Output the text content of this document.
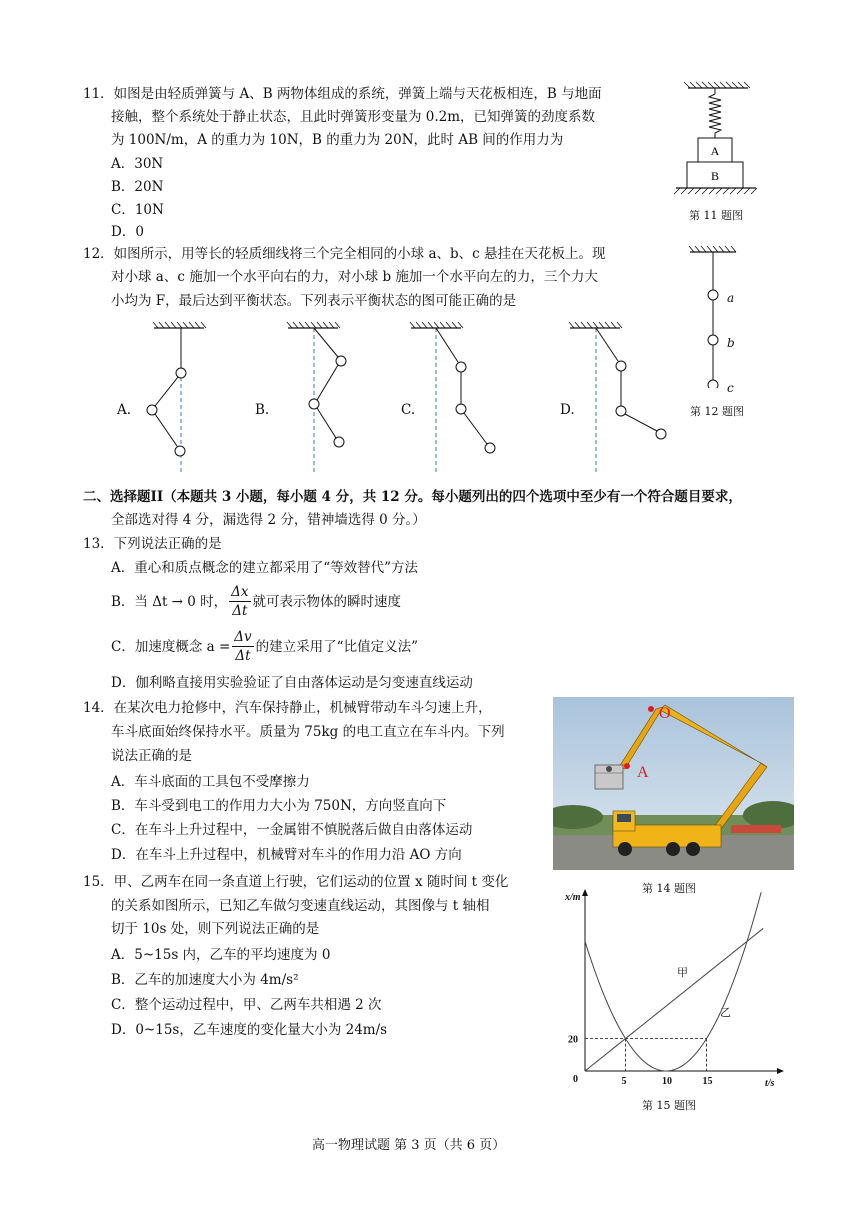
11．如图是由轻质弹簧与 A、B 两物体组成的系统，弹簧上端与天花板相连，B 与地面
接触，整个系统处于静止状态，且此时弹簧形变量为 0.2m，已知弹簧的劲度系数
为 100N/m，A 的重力为 10N，B 的重力为 20N，此时 AB 间的作用力为
A．30N
B．20N
C．10N
D．0
A
B
第 11 题图
12．如图所示，用等长的轻质细线将三个完全相同的小球 a、b、c 悬挂在天花板上。现
对小球 a、c 施加一个水平向右的力，对小球 b 施加一个水平向左的力，三个力大
小均为 F，最后达到平衡状态。下列表示平衡状态的图可能正确的是	a
b
c
第 12 题图
A.	B.	C.	D.
二、选择题II（本题共 3 小题，每小题 4 分，共 12 分。每小题列出的四个选项中至少有一个符合题目要求，
全部选对得 4 分，漏选得 2 分，错神墙选得 0 分。）
13．下列说法正确的是
A．重心和质点概念的建立都采用了“等效替代”方法
B．当 Δt → 0 时， $\frac{\Delta x}{\Delta t}$ 就可表示物体的瞬时速度
C．加速度概念 $a = \frac{\Delta v}{\Delta t}$ 的建立采用了“比值定义法”
D．伽利略直接用实验验证了自由落体运动是匀变速直线运动
14．在某次电力抢修中，汽车保持静止，机械臂带动车斗匀速上升，
车斗底面始终保持水平。质量为 75kg 的电工直立在车斗内。下列
说法正确的是
A．车斗底面的工具包不受摩擦力
B．车斗受到电工的作用力大小为 750N，方向竖直向下
C．在车斗上升过程中，一金属钳不慎脱落后做自由落体运动
D．在车斗上升过程中，机械臂对车斗的作用力沿 AO 方向
O
A
第 14 题图
15．甲、乙两车在同一条直道上行驶，它们运动的位置 x 随时间 t 变化
的关系如图所示，已知乙车做匀变速直线运动，其图像与 t 轴相
切于 10s 处，则下列说法正确的是
A．5~15s 内，乙车的平均速度为 0
B．乙车的加速度大小为 4m/s²
C．整个运动过程中，甲、乙两车共相遇 2 次
D．0~15s，乙车速度的变化量大小为 24m/s
x/m
t/s
0
20
5	10	15
甲
乙
第 15 题图
高一物理试题 第 3 页（共 6 页）
